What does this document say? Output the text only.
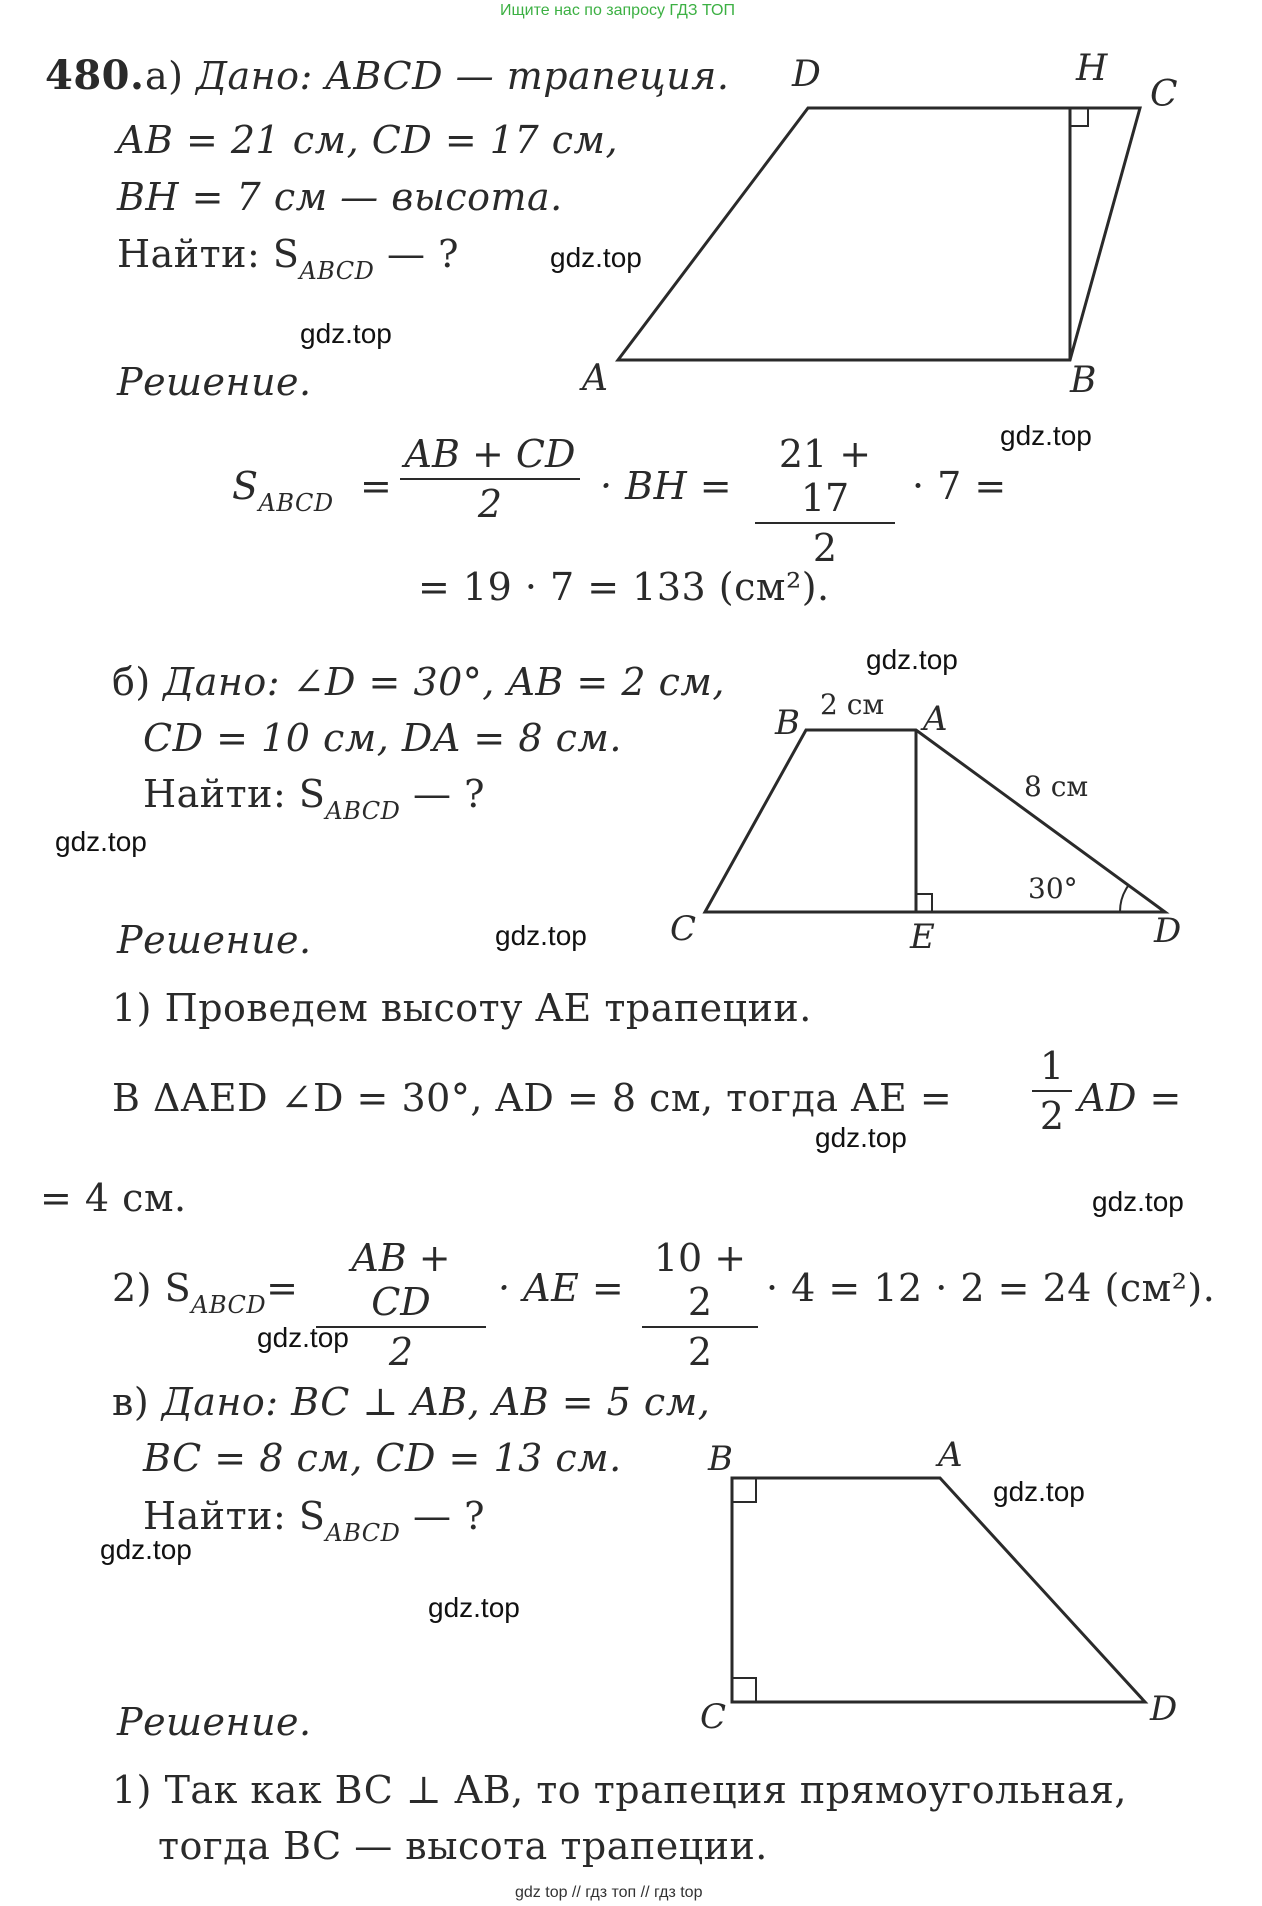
Ищите нас по запросу ГДЗ ТОП
gdz top // гдз топ // гдз top
480. а) Дано: ABCD — трапеция.
AB = 21 см, CD = 17 см,
BH = 7 см — высота.
Найти: $S_{ABCD}$ — ?
Решение.	A	B
C
D	H
$S_{ABCD}$ =
AB + CD
2	· BH =
21 + 17
2
· 7 =
= 19 · 7 = 133 (см²).
б) Дано: ∠D = 30°, AB = 2 см,
CD = 10 см, DA = 8 см.
Найти: $S_{ABCD}$ — ?
B	A
C	E	D
2 см
8 см
30°
Решение.
1) Проведем высоту AE трапеции.
В ΔAED ∠D = 30°, AD = 8 см, тогда AE =
1
2 AD =
= 4 см.
2) $S_{ABCD}=$
AB + CD
2
· AE =
10 + 2
2
· 4 = 12 · 2 = 24 (см²).
в) Дано: BC ⊥ AB, AB = 5 см,
BC = 8 см, CD = 13 см.
Найти: $S_{ABCD}$ — ?
B	A
C	D
Решение.
1) Так как BC ⊥ AB, то трапеция прямоугольная,
тогда BC — высота трапеции.
gdz.top
gdz.top
gdz.top
gdz.top
gdz.top
gdz.top
gdz.top
gdz.top
gdz.top
gdz.top
gdz.top
gdz.top
